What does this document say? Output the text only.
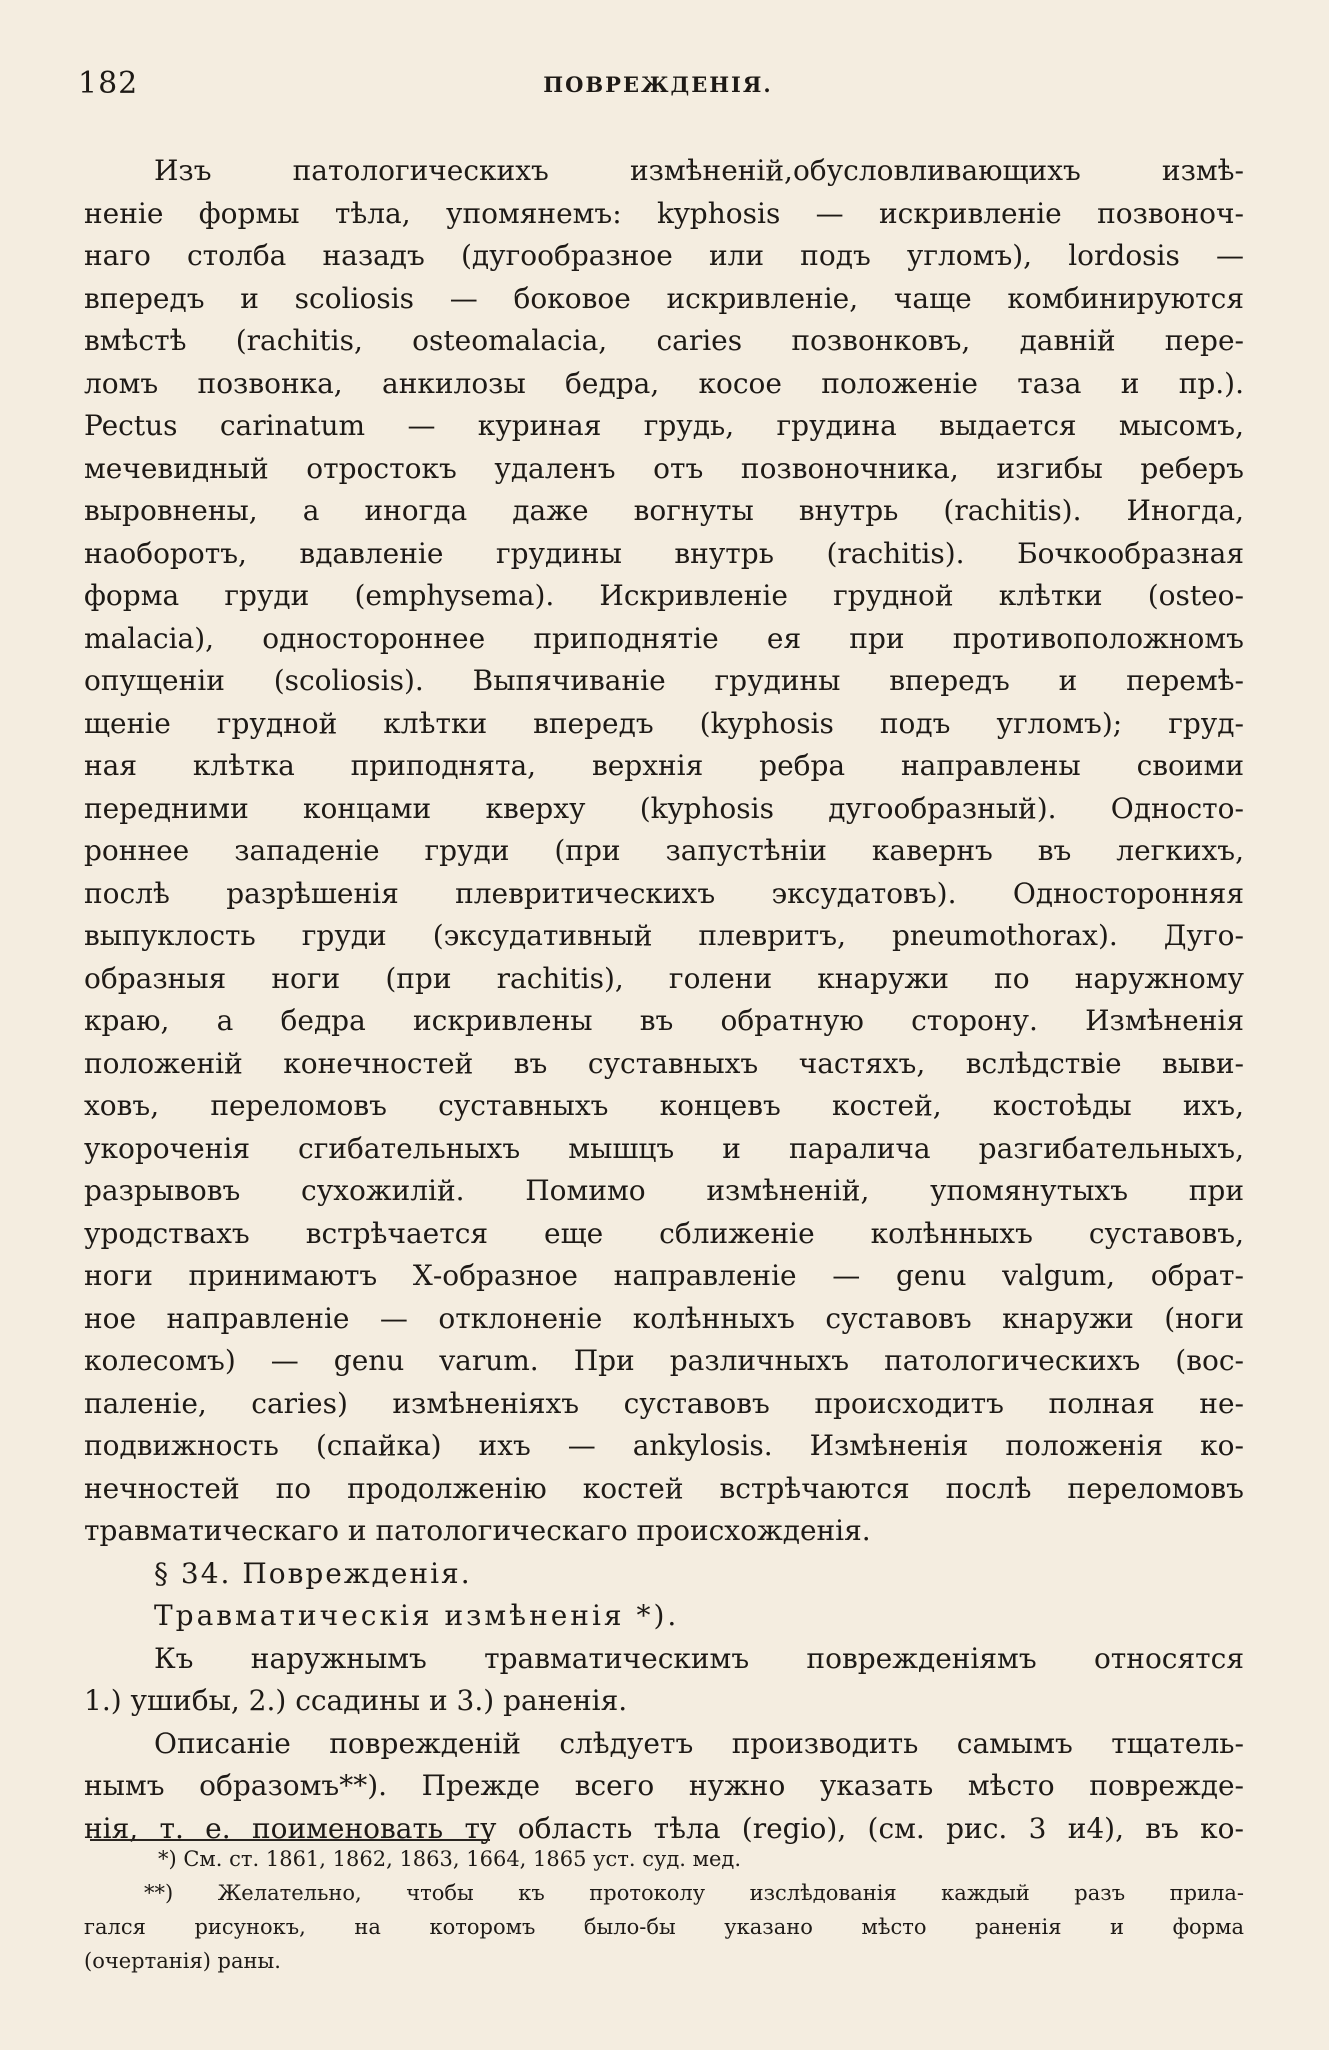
182	ПОВРЕЖДЕНІЯ.
Изъ патологическихъ измѣненій,обусловливающихъ измѣ-
неніе формы тѣла, упомянемъ: kyphosis — искривленіе позвоноч-
наго столба назадъ (дугообразное или подъ угломъ), lordosis —
впередъ и scoliosis — боковое искривленіе, чаще комбинируются
вмѣстѣ (rachitis, osteomalacia, caries позвонковъ, давній пере-
ломъ позвонка, анкилозы бедра, косое положеніе таза и пр.).
Pectus carinatum — куриная грудь, грудина выдается мысомъ,
мечевидный отростокъ удаленъ отъ позвоночника, изгибы реберъ
выровнены, а иногда даже вогнуты внутрь (rachitis). Иногда,
наоборотъ, вдавленіе грудины внутрь (rachitis). Бочкообразная
форма груди (emphysema). Искривленіе грудной клѣтки (osteo-
malacia), одностороннее приподнятіе ея при противоположномъ
опущеніи (scoliosis). Выпячиваніе грудины впередъ и перемѣ-
щеніе грудной клѣтки впередъ (kyphosis подъ угломъ); груд-
ная клѣтка приподнята, верхнія ребра направлены своими
передними концами кверху (kyphosis дугообразный). Односто-
роннее западеніе груди (при запустѣніи кавернъ въ легкихъ,
послѣ разрѣшенія плевритическихъ эксудатовъ). Односторонняя
выпуклость груди (эксудативный плевритъ, pneumothorax). Дуго-
образныя ноги (при rachitis), голени кнаружи по наружному
краю, а бедра искривлены въ обратную сторону. Измѣненія
положеній конечностей въ суставныхъ частяхъ, вслѣдствіе выви-
ховъ, переломовъ суставныхъ концевъ костей, костоѣды ихъ,
укороченія сгибательныхъ мышцъ и паралича разгибательныхъ,
разрывовъ сухожилій. Помимо измѣненій, упомянутыхъ при
уродствахъ встрѣчается еще сближеніе колѣнныхъ суставовъ,
ноги принимаютъ Х-образное направленіе — genu valgum, обрат-
ное направленіе — отклоненіе колѣнныхъ суставовъ кнаружи (ноги
колесомъ) — genu varum. При различныхъ патологическихъ (вос-
паленіе, caries) измѣненіяхъ суставовъ происходитъ полная не-
подвижность (спайка) ихъ — ankylosis. Измѣненія положенія ко-
нечностей по продолженію костей встрѣчаются послѣ переломовъ
травматическаго и патологическаго происхожденія.
§ 34. Поврежденія.
Травматическія измѣненія *).
Къ наружнымъ травматическимъ поврежденіямъ относятся
1.) ушибы, 2.) ссадины и 3.) раненія.
Описаніе поврежденій слѣдуетъ производить самымъ тщатель-
нымъ образомъ**). Прежде всего нужно указать мѣсто поврежде-
нія, т. е. поименовать ту область тѣла (regio), (см. рис. 3 и4), въ ко-
*) См. ст. 1861, 1862, 1863, 1664, 1865 уст. суд. мед.
**) Желательно, чтобы къ протоколу изслѣдованія каждый разъ прила-
гался рисунокъ, на которомъ было-бы указано мѣсто раненія и форма
(очертанія) раны.
